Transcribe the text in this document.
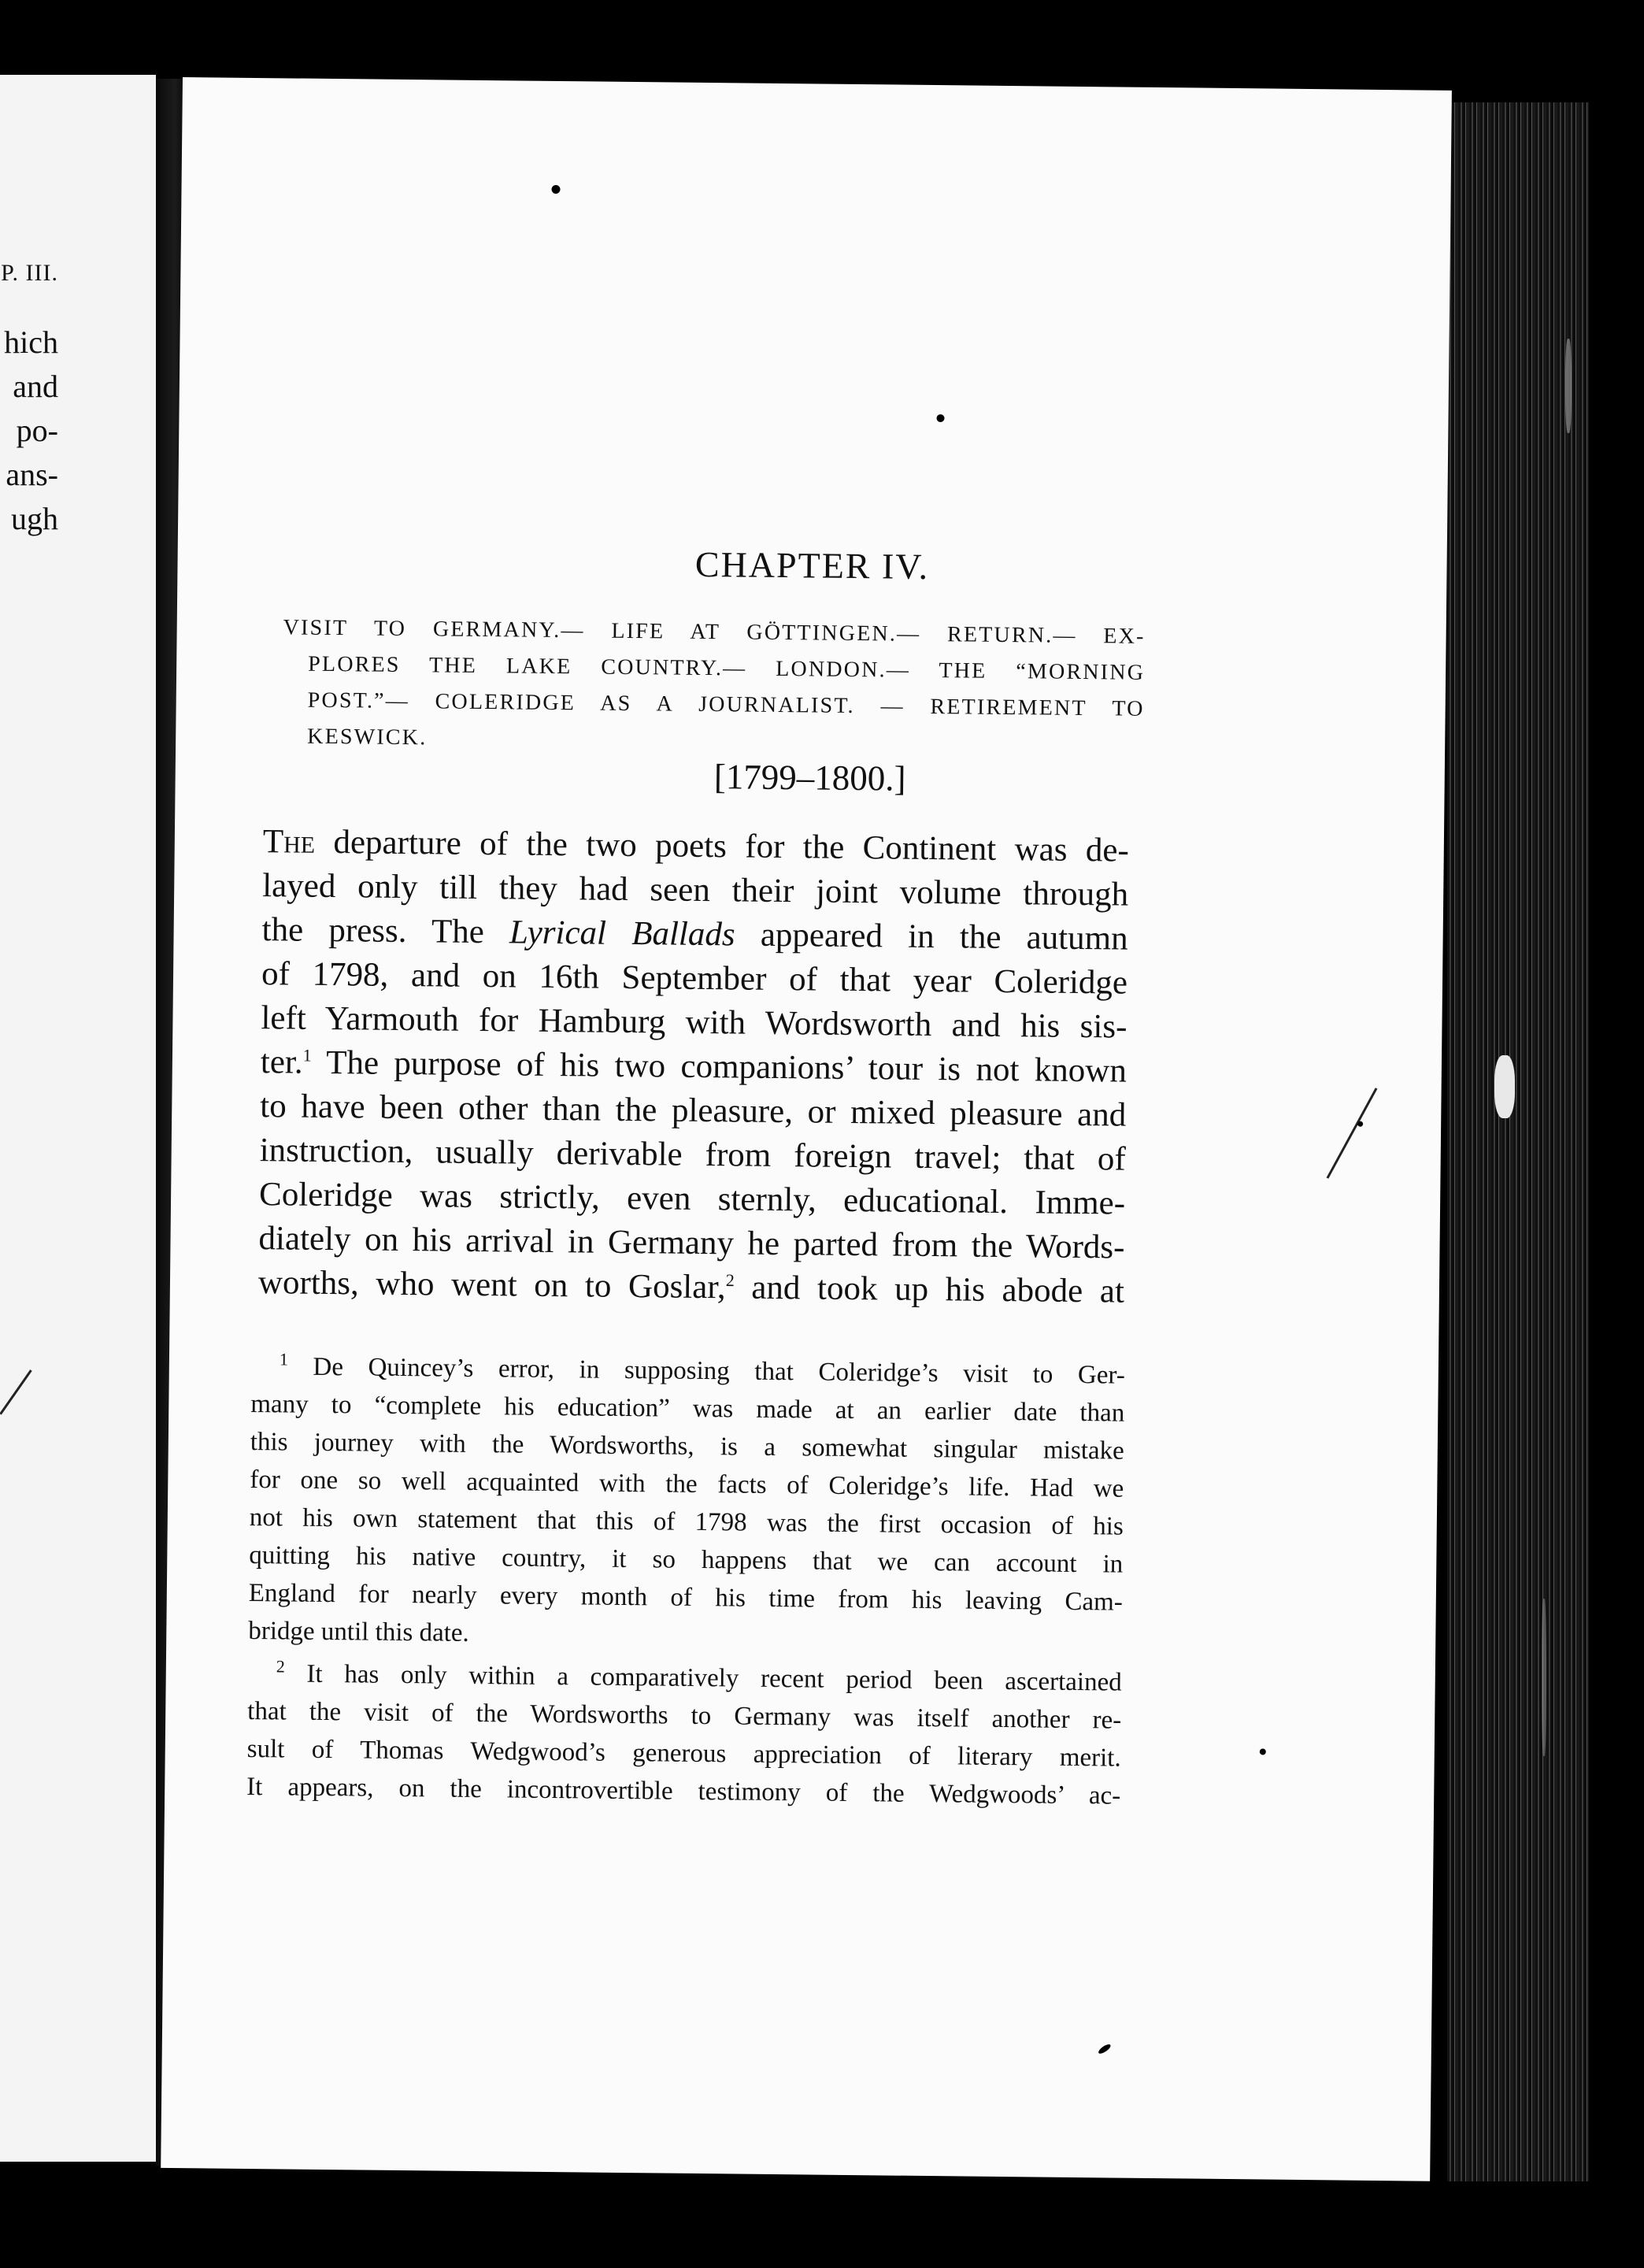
P. III.
hich
and
po-
ans-
ugh
CHAPTER IV.
VISIT TO GERMANY.— LIFE AT GÖTTINGEN.— RETURN.— EX-
PLORES THE LAKE COUNTRY.— LONDON.— THE “MORNING
POST.”— COLERIDGE AS A JOURNALIST. — RETIREMENT TO
KESWICK.
[1799–1800.]
The departure of the two poets for the Continent was de-
layed only till they had seen their joint volume through
the press. The Lyrical Ballads appeared in the autumn
of 1798, and on 16th September of that year Coleridge
left Yarmouth for Hamburg with Wordsworth and his sis-
ter.$^1$ The purpose of his two companions’ tour is not known
to have been other than the pleasure, or mixed pleasure and
instruction, usually derivable from foreign travel; that of
Coleridge was strictly, even sternly, educational. Imme-
diately on his arrival in Germany he parted from the Words-
worths, who went on to Goslar,$^2$ and took up his abode at
$^1$ De Quincey’s error, in supposing that Coleridge’s visit to Ger-
many to “complete his education” was made at an earlier date than
this journey with the Wordsworths, is a somewhat singular mistake
for one so well acquainted with the facts of Coleridge’s life. Had we
not his own statement that this of 1798 was the first occasion of his
quitting his native country, it so happens that we can account in
England for nearly every month of his time from his leaving Cam-
bridge until this date.
$^2$ It has only within a comparatively recent period been ascertained
that the visit of the Wordsworths to Germany was itself another re-
sult of Thomas Wedgwood’s generous appreciation of literary merit.
It appears, on the incontrovertible testimony of the Wedgwoods’ ac-
